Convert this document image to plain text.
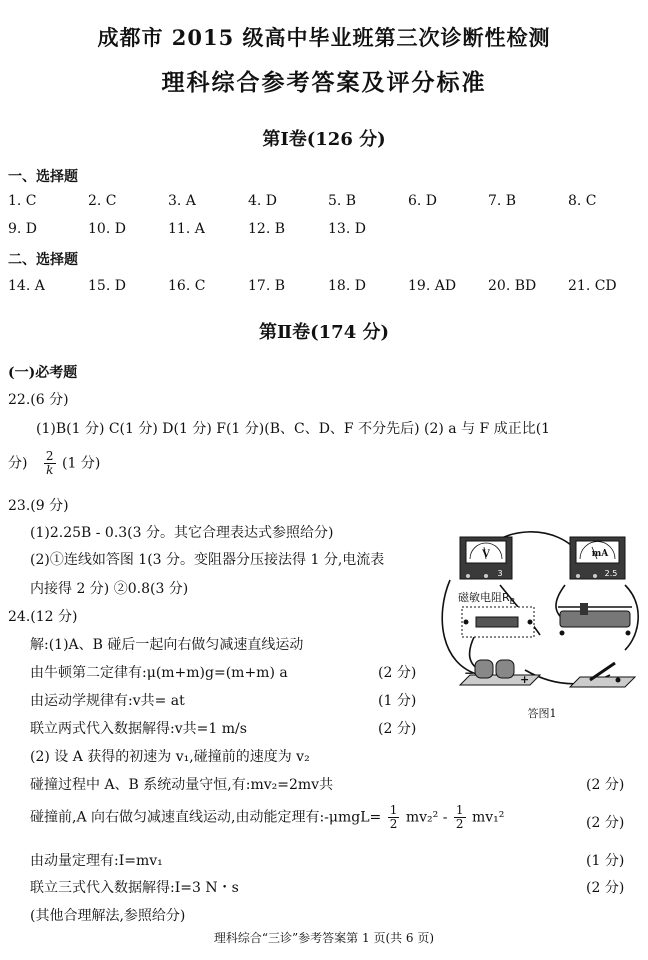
成都市 2015 级高中毕业班第三次诊断性检测
理科综合参考答案及评分标准
第Ⅰ卷(126 分)
一、选择题
1. C	2. C	3. A	4. D	5. B	6. D	7. B	8. C
9. D	10. D	11. A	12. B	13. D
二、选择题
14. A	15. D	16. C	17. B	18. D	19. AD 20. BD 21. CD
第Ⅱ卷(174 分)
(一)必考题
22.(6 分)
(1)B(1 分) C(1 分) D(1 分) F(1 分)(B、C、D、F 不分先后) (2) a 与 F 成正比(1
分) $\frac{2}{k} (1$ 分)
23.(9 分)
(1)2.25B - 0.3(3 分。其它合理表达式参照给分)
(2)①连线如答图 1(3 分。变阻器分压接法得 1 分,电流表
内接得 2 分) ②0.8(3 分)
24.(12 分)
解:(1)A、B 碰后一起向右做匀减速直线运动
由牛顿第二定律有:μ(m+m)g=(m+m) a	(2 分)
由运动学规律有:v共= at	(1 分)
联立两式代入数据解得:v共=1 m/s	(2 分)
(2) 设 A 获得的初速为 v₁,碰撞前的速度为 v₂
碰撞过程中 A、B 系统动量守恒,有:mv₂=2mv共	(2 分)
碰撞前,A 向右做匀减速直线运动,由动能定理有:-μmgL= $\frac{1}{2} mv_2^2 - \frac{1}{2} mv_1^2$	(2 分)
由动量定理有:I=mv₁	(1 分)
联立三式代入数据解得:I=3 N・s	(2 分)
(其他合理解法,参照给分)
V
3
mA
2.5
磁敏电阻$R_B$
−	+
答图1
理科综合“三诊”参考答案第 1 页(共 6 页)
